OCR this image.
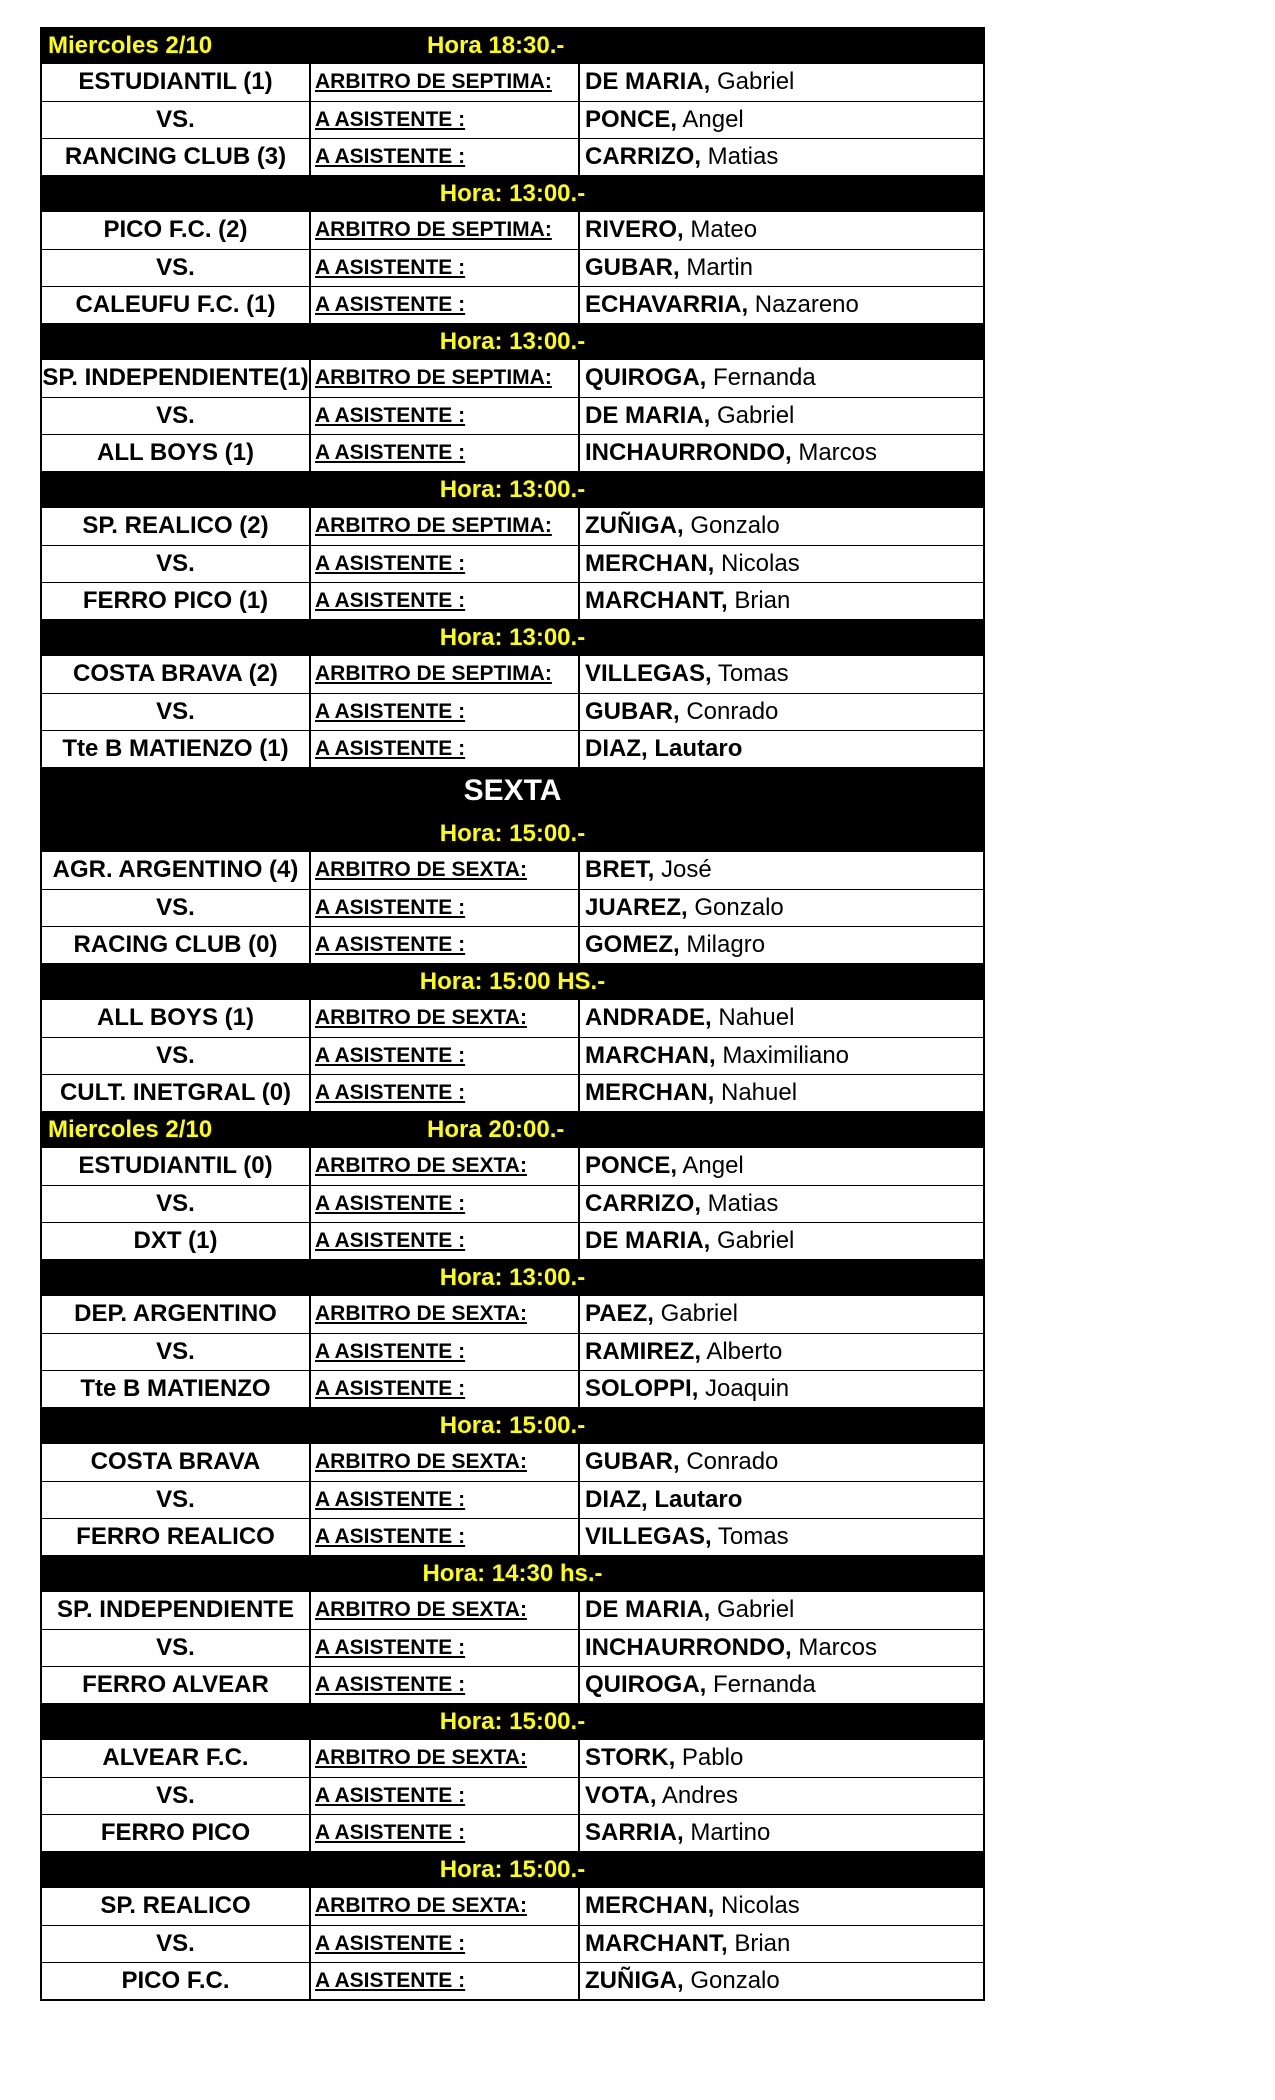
Miercoles 2/10	Hora 18:30.-
ESTUDIANTIL (1)	ARBITRO DE SEPTIMA:	DE MARIA, Gabriel
VS.	A ASISTENTE :	PONCE, Angel
RANCING CLUB (3)	A ASISTENTE :	CARRIZO, Matias
Hora: 13:00.-
PICO F.C. (2)	ARBITRO DE SEPTIMA:	RIVERO, Mateo
VS.	A ASISTENTE :	GUBAR, Martin
CALEUFU F.C. (1)	A ASISTENTE :	ECHAVARRIA, Nazareno
Hora: 13:00.-
SP. INDEPENDIENTE(1) ARBITRO DE SEPTIMA:	QUIROGA, Fernanda
VS.	A ASISTENTE :	DE MARIA, Gabriel
ALL BOYS (1)	A ASISTENTE :	INCHAURRONDO, Marcos
Hora: 13:00.-
SP. REALICO (2)	ARBITRO DE SEPTIMA:	ZUÑIGA, Gonzalo
VS.	A ASISTENTE :	MERCHAN, Nicolas
FERRO PICO (1)	A ASISTENTE :	MARCHANT, Brian
Hora: 13:00.-
COSTA BRAVA (2)	ARBITRO DE SEPTIMA:	VILLEGAS, Tomas
VS.	A ASISTENTE :	GUBAR, Conrado
Tte B MATIENZO (1)	A ASISTENTE :	DIAZ, Lautaro
SEXTA
Hora: 15:00.-
AGR. ARGENTINO (4) ARBITRO DE SEXTA:	BRET, José
VS.	A ASISTENTE :	JUAREZ, Gonzalo
RACING CLUB (0)	A ASISTENTE :	GOMEZ, Milagro
Hora: 15:00 HS.-
ALL BOYS (1)	ARBITRO DE SEXTA:	ANDRADE, Nahuel
VS.	A ASISTENTE :	MARCHAN, Maximiliano
CULT. INETGRAL (0)	A ASISTENTE :	MERCHAN, Nahuel
Miercoles 2/10	Hora 20:00.-
ESTUDIANTIL (0)	ARBITRO DE SEXTA:	PONCE, Angel
VS.	A ASISTENTE :	CARRIZO, Matias
DXT (1)	A ASISTENTE :	DE MARIA, Gabriel
Hora: 13:00.-
DEP. ARGENTINO	ARBITRO DE SEXTA:	PAEZ, Gabriel
VS.	A ASISTENTE :	RAMIREZ, Alberto
Tte B MATIENZO	A ASISTENTE :	SOLOPPI, Joaquin
Hora: 15:00.-
COSTA BRAVA	ARBITRO DE SEXTA:	GUBAR, Conrado
VS.	A ASISTENTE :	DIAZ, Lautaro
FERRO REALICO	A ASISTENTE :	VILLEGAS, Tomas
Hora: 14:30 hs.-
SP. INDEPENDIENTE	ARBITRO DE SEXTA:	DE MARIA, Gabriel
VS.	A ASISTENTE :	INCHAURRONDO, Marcos
FERRO ALVEAR	A ASISTENTE :	QUIROGA, Fernanda
Hora: 15:00.-
ALVEAR F.C.	ARBITRO DE SEXTA:	STORK, Pablo
VS.	A ASISTENTE :	VOTA, Andres
FERRO PICO	A ASISTENTE :	SARRIA, Martino
Hora: 15:00.-
SP. REALICO	ARBITRO DE SEXTA:	MERCHAN, Nicolas
VS.	A ASISTENTE :	MARCHANT, Brian
PICO F.C.	A ASISTENTE :	ZUÑIGA, Gonzalo
